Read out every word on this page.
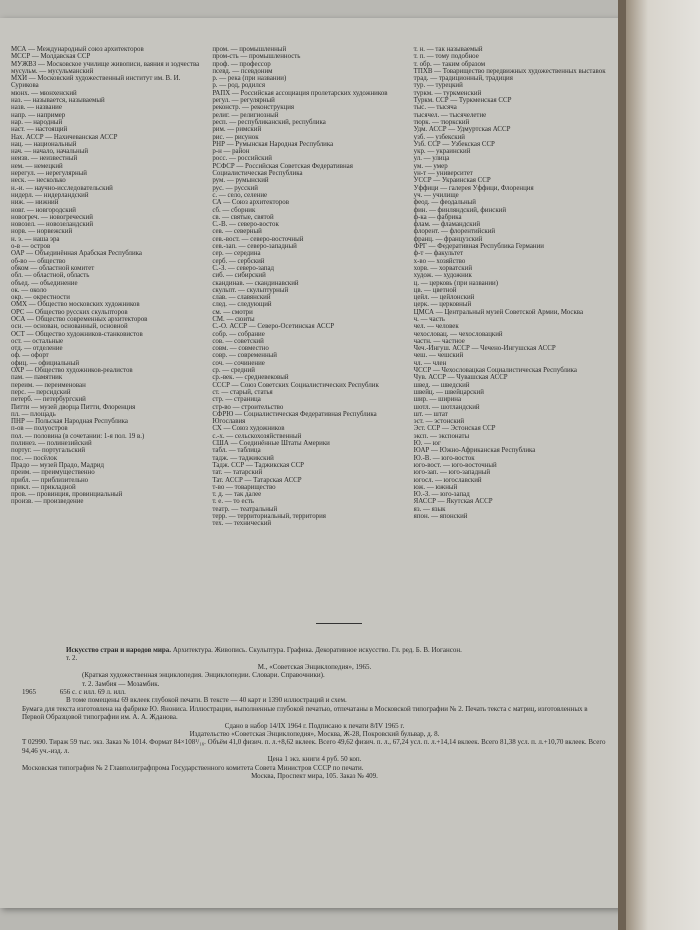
МСА — Международный союз архитекторов

МССР — Молдавская ССР

МУЖВЗ — Московское училище живописи, ваяния и зодчества

мусульм. — мусульманский

МХИ — Московский художественный институт им. В. И. Сурикова

мюнх. — мюнхенский

наз. — называется, называемый

назв. — название

напр. — например

нар. — народный

наст. — настоящий

Нах. АССР — Нахичеванская АССР

нац. — национальный

нач. — начало, начальный

неизв. — неизвестный

нем. — немецкий

нерегул. — нерегулярный

неск. — несколько

н.-и. — научно-исследовательский

нидерл. — нидерландский

ниж. — нижний

новг. — новгородский

новогреч. — новогреческий

новозел. — новозеландский

норв. — норвежский

н. э. — наша эра

о-в — остров

ОАР — Объединённая Арабская Республика

об-во — общество

обком — областной комитет

обл. — областной, область

объед. — объединение

ок. — около

окр. — окрестности

ОМХ — Общество московских художников

ОРС — Общество русских скульпторов

ОСА — Общество современных архитекторов

осн. — основан, основанный, основной

ОСТ — Общество художников-станковистов

ост. — остальные

отд. — отделение

оф. — офорт

офиц. — официальный

ОХР — Общество художников-реалистов

пам. — памятник

переим. — переименован

перс. — персидский

петерб. — петербургский

Питти — музей дворца Питти, Флоренция

пл. — площадь

ПНР — Польская Народная Республика

п-ов — полуостров

пол. — половина (в сочетании: 1-я пол. 19 в.)

полинез. — полинезийский

португ. — португальский

пос. — посёлок

Прадо — музей Прадо, Мадрид

преим. — преимущественно

прибл. — приблизительно

прикл. — прикладной

пров. — провинция, провинциальный

произв. — произведение

пром. — промышленный

пром-сть — промышленность

проф. — профессор

псевд. — псевдоним

р. — река (при названии)

р. — род, родился

РАПХ — Российская ассоциация пролетарских художников

регул. — регулярный

реконстр. — реконструкция

религ. — религиозный

респ. — республиканский, республика

рим. — римский

рис. — рисунок

РНР — Румынская Народная Республика

р-н — район

росс. — российский

РСФСР — Российская Советская Федеративная Социалистическая Республика

рум. — румынский

рус. — русский

с. — село, селение

СА — Союз архитекторов

сб. — сборник

св. — святые, святой

С.-В. — северо-восток

сев. — северный

сев.-вост. — северо-восточный

сев.-зап. — северо-западный

сер. — середина

серб. — сербский

С.-З. — северо-запад

сиб. — сибирский

скандинав. — скандинавский

скульпт. — скульптурный

слав. — славянский

след. — следующий

см. — смотри

СМ. — сюиты

С.-О. АССР — Северо-Осетинская АССР

собр. — собрание

сов. — советский

совм. — совместно

совр. — современный

соч. — сочинение

ср. — средний

ср.-век. — средневековый

СССР — Союз Советских Социалистических Республик

ст. — старый, статья

стр. — страница

стр-во — строительство

СФРЮ — Социалистическая Федеративная Республика Югославия

СХ — Союз художников

с.-х. — сельскохозяйственный

США — Соединённые Штаты Америки

табл. — таблица

тадж. — таджикский

Тадж. ССР — Таджикская ССР

тат. — татарский

Тат. АССР — Татарская АССР

т-во — товарищество

т. д. — так далее

т. е. — то есть

театр. — театральный

терр. — территориальный, территория

тех. — технический

т. н. — так называемый

т. п. — тому подобное

т. обр. — таким образом

ТПХВ — Товарищество передвижных художественных выставок

трад. — традиционный, традиция

тур. — турецкий

туркм. — туркменский

Туркм. ССР — Туркменская ССР

тыс. — тысяча

тысячел. — тысячелетие

тюрк. — тюркский

Удм. АССР — Удмуртская АССР

узб. — узбекский

Узб. ССР — Узбекская ССР

укр. — украинский

ул. — улица

ум. — умер

ун-т — университет

УССР — Украинская ССР

Уффици — галерея Уффици, Флоренция

уч. — училище

феод. — феодальный

фин. — финляндский, финский

ф-ка — фабрика

флам. — фламандский

флорент. — флорентийский

франц. — французский

ФРГ — Федеративная Республика Германии

ф-т — факультет

х-во — хозяйство

хорв. — хорватский

худож. — художник

ц. — церковь (при названии)

цв. — цветной

цейл. — цейлонский

церк. — церковный

ЦМСА — Центральный музей Советской Армии, Москва

ч. — часть

чел. — человек

чехословац. — чехословацкий

частн. — частное

Чеч.-Ингуш. АССР — Чечено-Ингушская АССР

чеш. — чешский

чл. — член

ЧССР — Чехословацкая Социалистическая Республика

Чув. АССР — Чувашская АССР

швед. — шведский

швейц. — швейцарский

шир. — ширина

шотл. — шотландский

шт. — штат

эст. — эстонский

Эст. ССР — Эстонская ССР

эксп. — экспонаты

Ю. — юг

ЮАР — Южно-Африканская Республика

Ю.-В. — юго-восток

юго-вост. — юго-восточный

юго-зап. — юго-западный

югосл. — югославский

юж. — южный

Ю.-З. — юго-запад

ЯАССР — Якутская АССР

яз. — язык

япон. — японский

Искусство стран и народов мира. Архитектура. Живопись. Скульптура. Графика. Декоративное искусство. Гл. ред. Б. В. Иогансон.

т. 2.

М., «Советская Энциклопедия», 1965.

(Краткая художественная энциклопедия. Энциклопедии. Словари. Справочники).

т. 2. Замбия — Мозамбик.

1965	656 с. с илл. 69 л. илл.

В томе помещены 69 вклеек глубокой печати. В тексте — 40 карт и 1390 иллюстраций и схем.

Бумага для текста изготовлена на фабрике Ю. Янониса. Иллюстрации, выполненные глубокой печатью, отпечатаны в Московской типографии № 2. Печать текста с матриц, изготовленных в Первой Образцовой типографии им. А. А. Жданова.

Сдано в набор 14/IX 1964 г. Подписано к печати 8/IV 1965 г.

Издательство «Советская Энциклопедия», Москва, Ж-28, Покровский бульвар, д. 8.

Т 02990. Тираж 59 тыс. экз. Заказ № 1014. Формат 84×108¹/₁₆. Объём 41,0 физич. п. л.+8,62 вклеек. Всего 49,62 физич. п. л., 67,24 усл. п. л.+14,14 вклеек. Всего 81,38 усл. п. л.+10,70 вклеек. Всего 94,46 уч.-изд. л.

Цена 1 экз. книги 4 руб. 50 коп.

Московская типография № 2 Главполиграфпрома Государственного комитета Совета Министров СССР по печати.

Москва, Проспект мира, 105. Заказ № 409.
